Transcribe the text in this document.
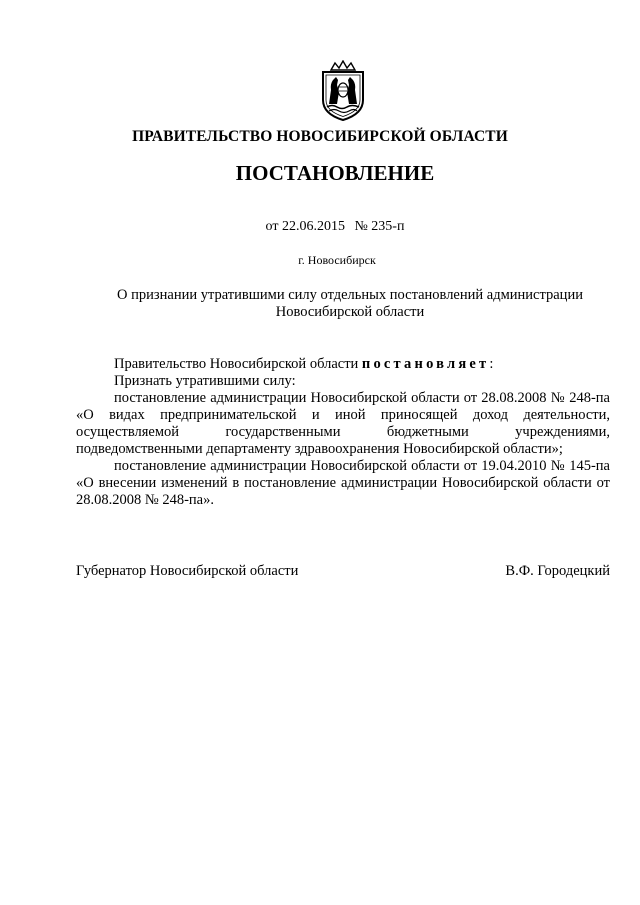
ПРАВИТЕЛЬСТВО НОВОСИБИРСКОЙ ОБЛАСТИ
ПОСТАНОВЛЕНИЕ
от 22.06.2015 № 235-п
г. Новосибирск
О признании утратившими силу отдельных постановлений администрации Новосибирской области

Правительство Новосибирской области постановляет:

Признать утратившими силу:

постановление администрации Новосибирской области от 28.08.2008 № 248-па «О видах предпринимательской и иной приносящей доход деятельности, осуществляемой государственными бюджетными учреждениями, подведомственными департаменту здравоохранения Новосибирской области»;

постановление администрации Новосибирской области от 19.04.2010 № 145-па «О внесении изменений в постановление администрации Новосибирской области от 28.08.2008 № 248-па».

Губернатор Новосибирской области	В.Ф. Городецкий
